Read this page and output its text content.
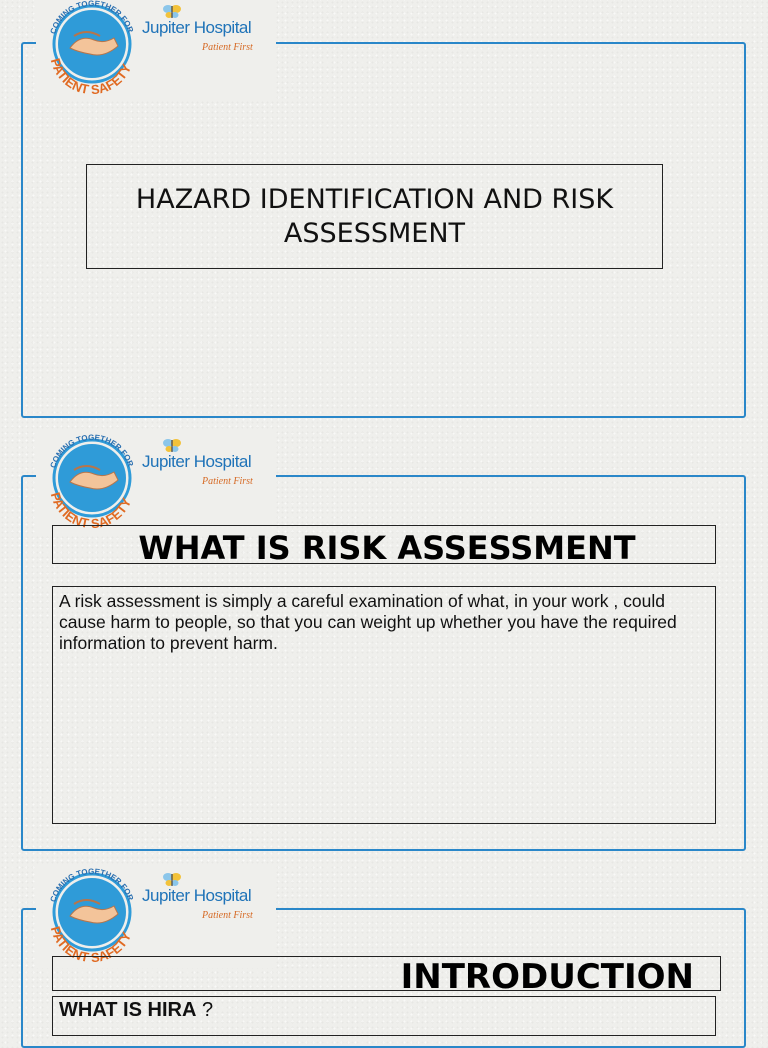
COMING TOGETHER FOR
PATIENT SAFETY
Jupiter Hospital
Patient First
HAZARD IDENTIFICATION AND RISK ASSESSMENT
COMING TOGETHER FOR
PATIENT SAFETY
Jupiter Hospital
Patient First
WHAT IS RISK ASSESSMENT
A risk assessment is simply a careful examination of what, in your work , could cause harm to people, so that you can weight up whether you have the required information to prevent harm.
COMING TOGETHER FOR
PATIENT SAFETY
Jupiter Hospital
Patient First
INTRODUCTION
WHAT IS HIRA ?
